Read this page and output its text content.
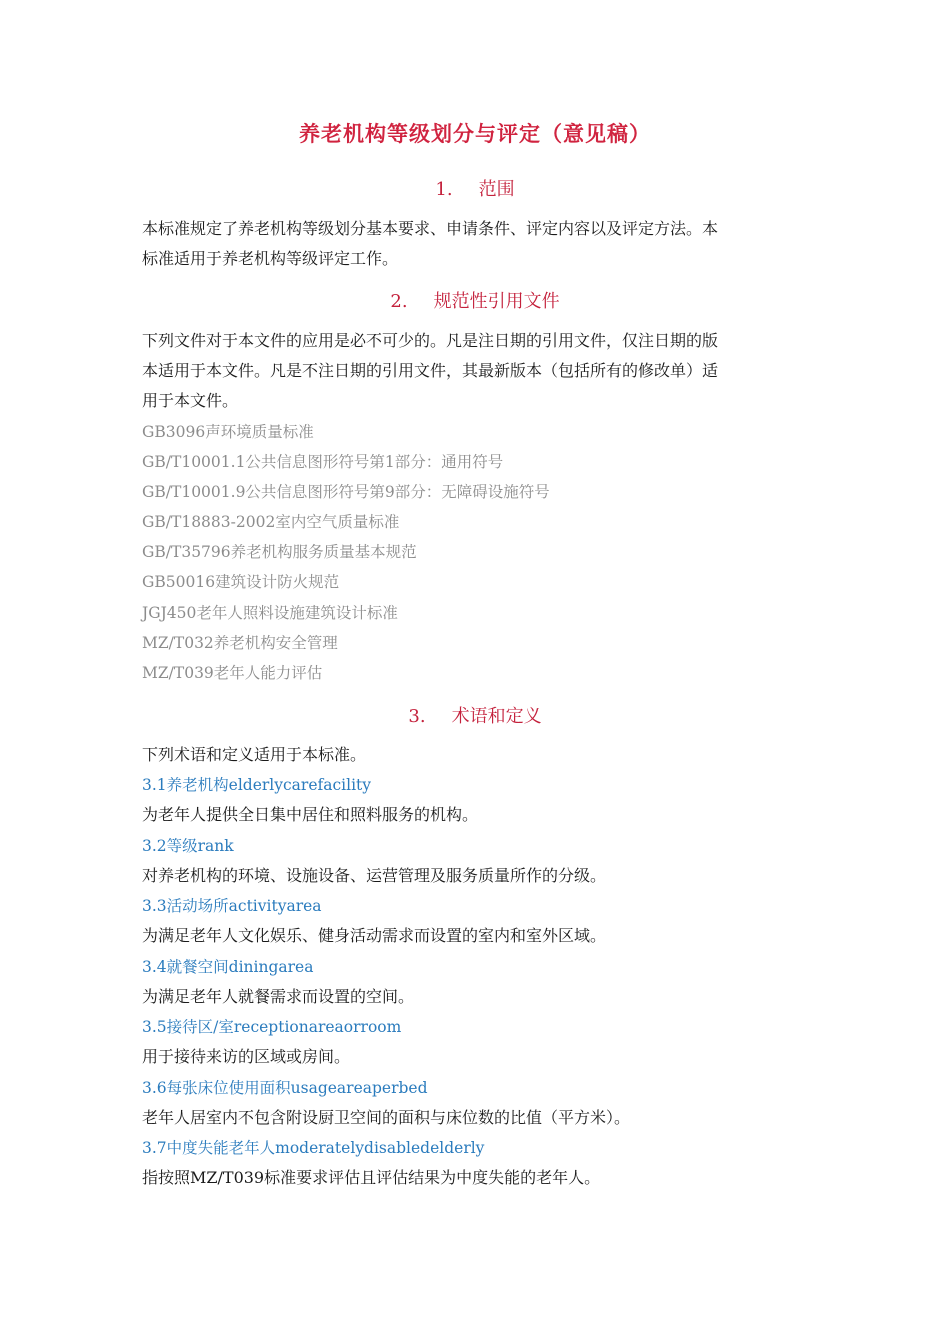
养老机构等级划分与评定（意见稿）
1. 范围
本标准规定了养老机构等级划分基本要求、申请条件、评定内容以及评定方法。本
标准适用于养老机构等级评定工作。
2. 规范性引用文件
下列文件对于本文件的应用是必不可少的。凡是注日期的引用文件，仅注日期的版
本适用于本文件。凡是不注日期的引用文件，其最新版本（包括所有的修改单）适
用于本文件。
GB3096声环境质量标准
GB/T10001.1公共信息图形符号第1部分：通用符号
GB/T10001.9公共信息图形符号第9部分：无障碍设施符号
GB/T18883-2002室内空气质量标准
GB/T35796养老机构服务质量基本规范
GB50016建筑设计防火规范
JGJ450老年人照料设施建筑设计标准
MZ/T032养老机构安全管理
MZ/T039老年人能力评估
3. 术语和定义
下列术语和定义适用于本标准。
3.1养老机构elderlycarefacility
为老年人提供全日集中居住和照料服务的机构。
3.2等级rank
对养老机构的环境、设施设备、运营管理及服务质量所作的分级。
3.3活动场所activityarea
为满足老年人文化娱乐、健身活动需求而设置的室内和室外区域。
3.4就餐空间diningarea
为满足老年人就餐需求而设置的空间。
3.5接待区/室receptionareaorroom
用于接待来访的区域或房间。
3.6每张床位使用面积usageareaperbed
老年人居室内不包含附设厨卫空间的面积与床位数的比值（平方米）。
3.7中度失能老年人moderatelydisabledelderly
指按照MZ/T039标准要求评估且评估结果为中度失能的老年人。
